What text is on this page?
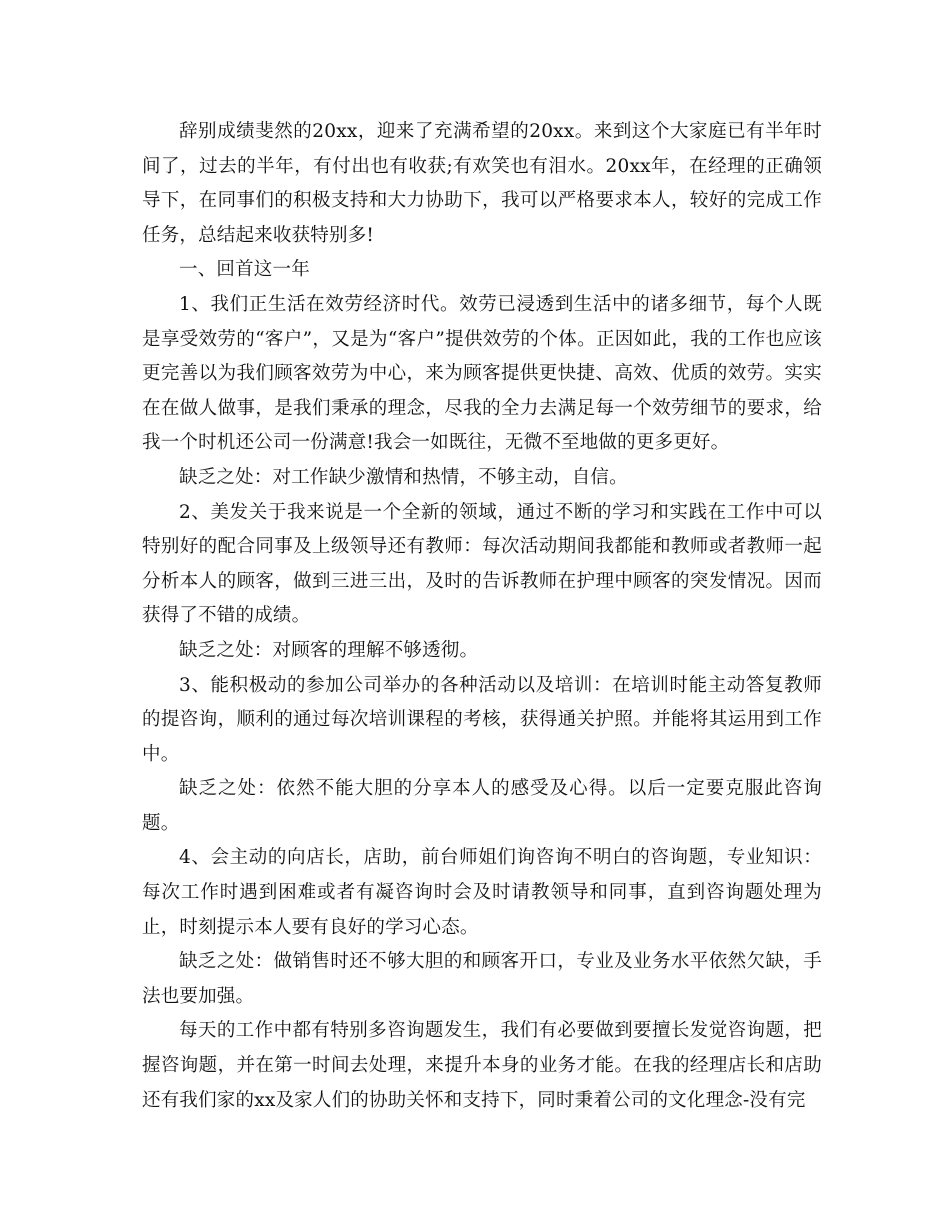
辞别成绩斐然的20xx，迎来了充满希望的20xx。来到这个大家庭已有半年时间了，过去的半年，有付出也有收获;有欢笑也有泪水。20xx年，在经理的正确领导下，在同事们的积极支持和大力协助下，我可以严格要求本人，较好的完成工作任务，总结起来收获特别多!

一、回首这一年

1、我们正生活在效劳经济时代。效劳已浸透到生活中的诸多细节，每个人既是享受效劳的“客户”，又是为“客户”提供效劳的个体。正因如此，我的工作也应该更完善以为我们顾客效劳为中心，来为顾客提供更快捷、高效、优质的效劳。实实在在做人做事，是我们秉承的理念，尽我的全力去满足每一个效劳细节的要求，给我一个时机还公司一份满意!我会一如既往，无微不至地做的更多更好。

缺乏之处：对工作缺少激情和热情，不够主动，自信。

2、美发关于我来说是一个全新的领域，通过不断的学习和实践在工作中可以特别好的配合同事及上级领导还有教师：每次活动期间我都能和教师或者教师一起分析本人的顾客，做到三进三出，及时的告诉教师在护理中顾客的突发情况。因而获得了不错的成绩。

缺乏之处：对顾客的理解不够透彻。

3、能积极动的参加公司举办的各种活动以及培训：在培训时能主动答复教师的提咨询，顺利的通过每次培训课程的考核，获得通关护照。并能将其运用到工作中。

缺乏之处：依然不能大胆的分享本人的感受及心得。以后一定要克服此咨询题。

4、会主动的向店长，店助，前台师姐们询咨询不明白的咨询题，专业知识：每次工作时遇到困难或者有凝咨询时会及时请教领导和同事，直到咨询题处理为止，时刻提示本人要有良好的学习心态。

缺乏之处：做销售时还不够大胆的和顾客开口，专业及业务水平依然欠缺，手法也要加强。

每天的工作中都有特别多咨询题发生，我们有必要做到要擅长发觉咨询题，把握咨询题，并在第一时间去处理，来提升本身的业务才能。在我的经理店长和店助还有我们家的xx及家人们的协助关怀和支持下，同时秉着公司的文化理念-没有完
